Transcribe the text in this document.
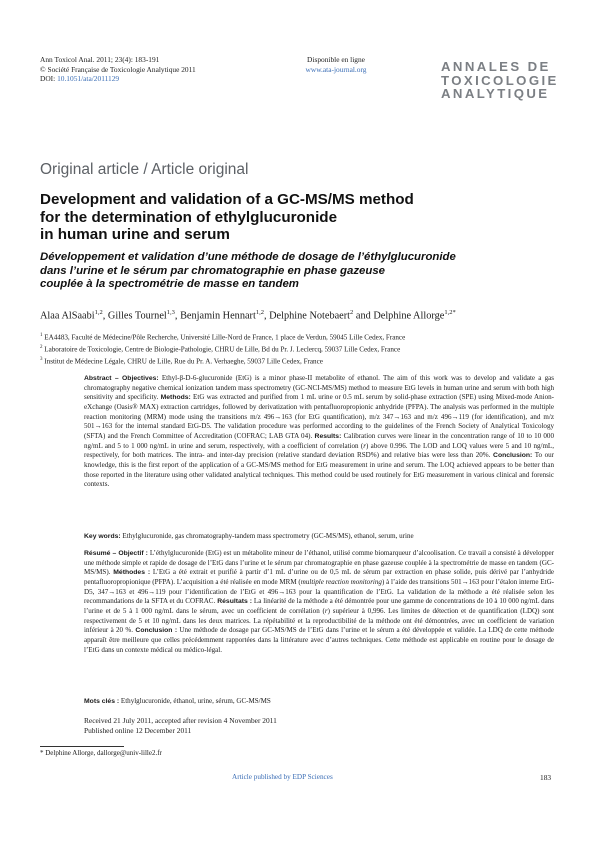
Ann Toxicol Anal. 2011; 23(4): 183-191
© Société Française de Toxicologie Analytique 2011
DOI: 10.1051/ata/2011129
Disponible en ligne
www.ata-journal.org	ANNALES DE
TOXICOLOGIE
ANALYTIQUE
Original article / Article original
Development and validation of a GC-MS/MS method
for the determination of ethylglucuronide
in human urine and serum
Développement et validation d’une méthode de dosage de l’éthylglucuronide
dans l’urine et le sérum par chromatographie en phase gazeuse
couplée à la spectrométrie de masse en tandem
Alaa AlSaabi$^{1,2}$, Gilles Tournel$^{1,3}$, Benjamin Hennart$^{1,2}$, Delphine Notebaert$^2$ and Delphine Allorge$^{1,2*}$
$^1$ EA4483, Faculté de Médecine/Pôle Recherche, Université Lille-Nord de France, 1 place de Verdun, 59045 Lille Cedex, France
$^2$ Laboratoire de Toxicologie, Centre de Biologie-Pathologie, CHRU de Lille, Bd du Pr. J. Leclercq, 59037 Lille Cedex, France
$^3$ Institut de Médecine Légale, CHRU de Lille, Rue du Pr. A. Verhaeghe, 59037 Lille Cedex, France
Abstract – Objectives: Ethyl-β-D-6-glucuronide (EtG) is a minor phase-II metabolite of ethanol. The aim of this work was to develop and validate a gas chromatography negative chemical ionization tandem mass spectrometry (GC-NCI-MS/MS) method to measure EtG levels in human urine and serum with both high sensitivity and specificity. Methods: EtG was extracted and purified from 1 mL urine or 0.5 mL serum by solid-phase extraction (SPE) using Mixed-mode Anion-eXchange (Oasis® MAX) extraction cartridges, followed by derivatization with pentafluoropropionic anhydride (PFPA). The analysis was performed in the multiple reaction monitoring (MRM) mode using the transitions m/z 496→163 (for EtG quantification), m/z 347→163 and m/z 496→119 (for identification), and m/z 501→163 for the internal standard EtG-D5. The validation procedure was performed according to the guidelines of the French Society of Analytical Toxicology (SFTA) and the French Committee of Accreditation (COFRAC; LAB GTA 04). Results: Calibration curves were linear in the concentration range of 10 to 10 000 ng/mL and 5 to 1 000 ng/mL in urine and serum, respectively, with a coefficient of correlation (r) above 0.996. The LOD and LOQ values were 5 and 10 ng/mL, respectively, for both matrices. The intra- and inter-day precision (relative standard deviation RSD%) and relative bias were less than 20%. Conclusion: To our knowledge, this is the first report of the application of a GC-MS/MS method for EtG measurement in urine and serum. The LOQ achieved appears to be better than those reported in the literature using other validated analytical techniques. This method could be used routinely for EtG measurement in various clinical and forensic contexts.
Key words: Ethylglucuronide, gas chromatography-tandem mass spectrometry (GC-MS/MS), ethanol, serum, urine
Résumé – Objectif : L’éthylglucuronide (EtG) est un métabolite mineur de l’éthanol, utilisé comme biomarqueur d’alcoolisation. Ce travail a consisté à développer une méthode simple et rapide de dosage de l’EtG dans l’urine et le sérum par chromatographie en phase gazeuse couplée à la spectrométrie de masse en tandem (GC-MS/MS). Méthodes : L’EtG a été extrait et purifié à partir d’1 mL d’urine ou de 0,5 mL de sérum par extraction en phase solide, puis dérivé par l’anhydride pentafluoropropionique (PFPA). L’acquisition a été réalisée en mode MRM (multiple reaction monitoring) à l’aide des transitions 501→163 pour l’étalon interne EtG-D5, 347→163 et 496→119 pour l’identification de l’EtG et 496→163 pour la quantification de l’EtG. La validation de la méthode a été réalisée selon les recommandations de la SFTA et du COFRAC. Résultats : La linéarité de la méthode a été démontrée pour une gamme de concentrations de 10 à 10 000 ng/mL dans l’urine et de 5 à 1 000 ng/mL dans le sérum, avec un coefficient de corrélation (r) supérieur à 0,996. Les limites de détection et de quantification (LDQ) sont respectivement de 5 et 10 ng/mL dans les deux matrices. La répétabilité et la reproductibilité de la méthode ont été démontrées, avec un coefficient de variation inférieur à 20 %. Conclusion : Une méthode de dosage par GC-MS/MS de l’EtG dans l’urine et le sérum a été développée et validée. La LDQ de cette méthode apparaît être meilleure que celles précédemment rapportées dans la littérature avec d’autres techniques. Cette méthode est applicable en routine pour le dosage de l’EtG dans un contexte médical ou médico-légal.
Mots clés : Ethylglucuronide, éthanol, urine, sérum, GC-MS/MS
Received 21 July 2011, accepted after revision 4 November 2011
Published online 12 December 2011
* Delphine Allorge, dallorge@univ-lille2.fr
Article published by EDP Sciences	183
